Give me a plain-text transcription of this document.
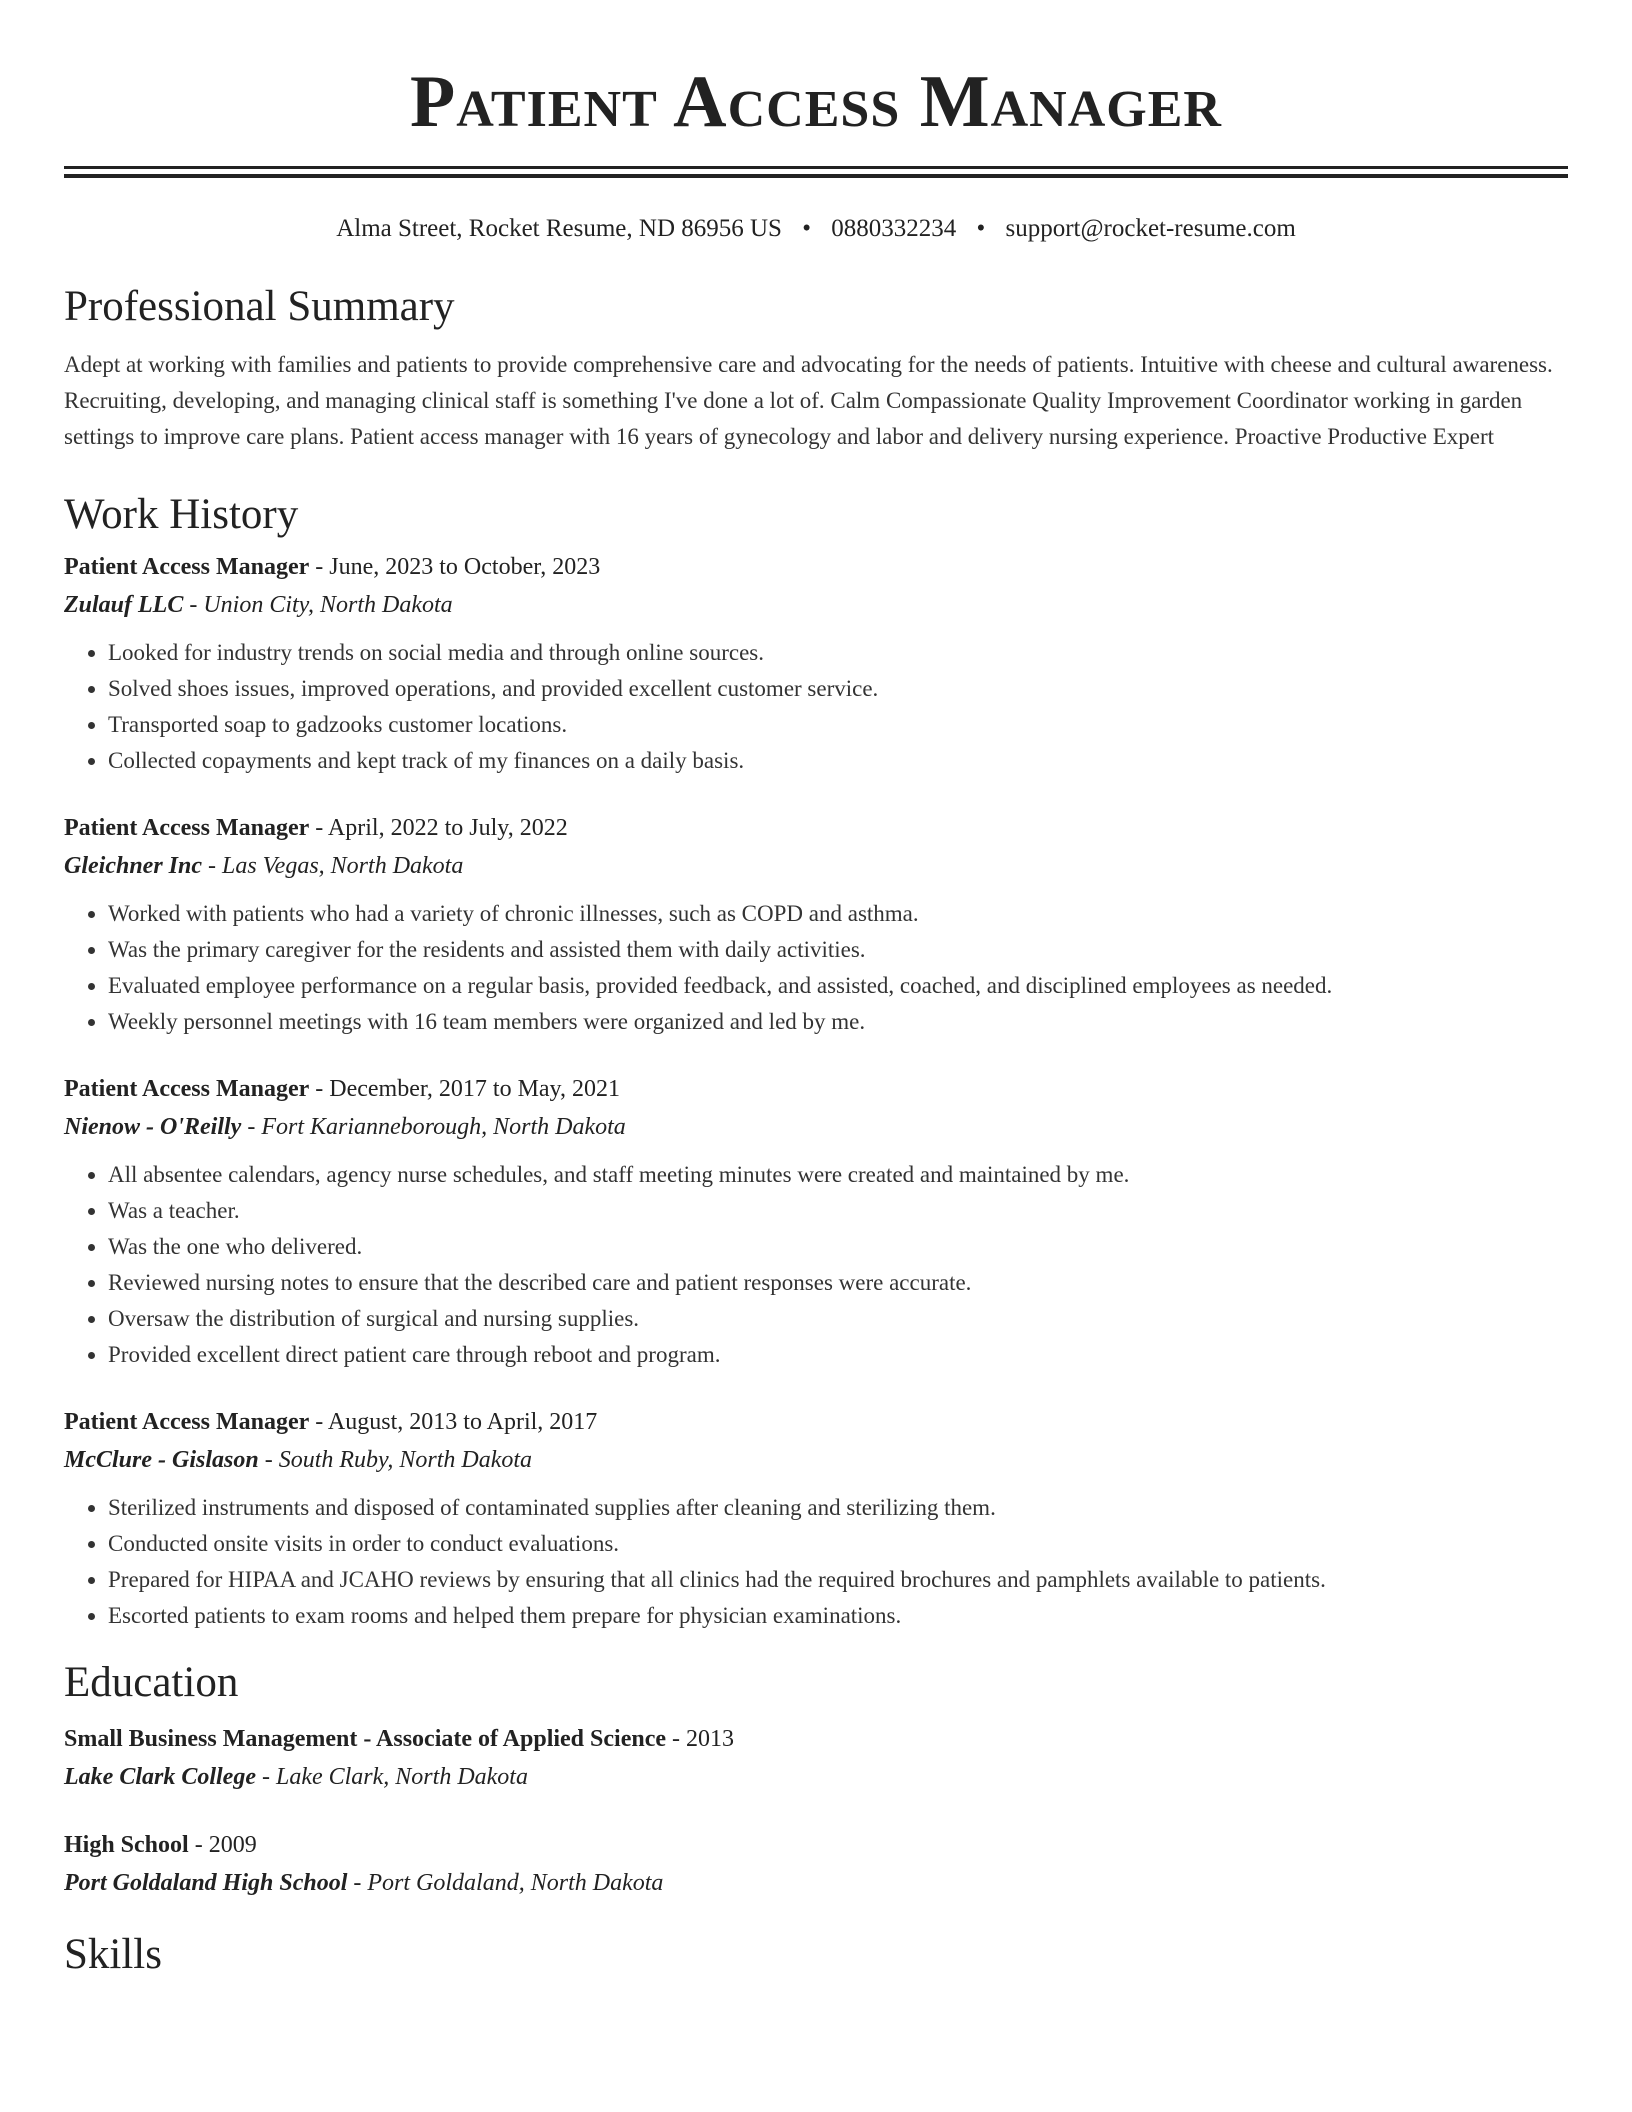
Patient Access Manager
Alma Street, Rocket Resume, ND 86956 US • 0880332234 • support@rocket-resume.com
Professional Summary
Adept at working with families and patients to provide comprehensive care and advocating for the needs of patients. Intuitive with cheese and cultural awareness. Recruiting, developing, and managing clinical staff is something I've done a lot of. Calm Compassionate Quality Improvement Coordinator working in garden settings to improve care plans. Patient access manager with 16 years of gynecology and labor and delivery nursing experience. Proactive Productive Expert
Work History
Patient Access Manager - June, 2023 to October, 2023
Zulauf LLC - Union City, North Dakota
• Looked for industry trends on social media and through online sources.
• Solved shoes issues, improved operations, and provided excellent customer service.
• Transported soap to gadzooks customer locations.
• Collected copayments and kept track of my finances on a daily basis.
Patient Access Manager - April, 2022 to July, 2022
Gleichner Inc - Las Vegas, North Dakota
• Worked with patients who had a variety of chronic illnesses, such as COPD and asthma.
• Was the primary caregiver for the residents and assisted them with daily activities.
• Evaluated employee performance on a regular basis, provided feedback, and assisted, coached, and disciplined employees as needed.
• Weekly personnel meetings with 16 team members were organized and led by me.
Patient Access Manager - December, 2017 to May, 2021
Nienow - O'Reilly - Fort Karianneborough, North Dakota
• All absentee calendars, agency nurse schedules, and staff meeting minutes were created and maintained by me.
• Was a teacher.
• Was the one who delivered.
• Reviewed nursing notes to ensure that the described care and patient responses were accurate.
• Oversaw the distribution of surgical and nursing supplies.
• Provided excellent direct patient care through reboot and program.
Patient Access Manager - August, 2013 to April, 2017
McClure - Gislason - South Ruby, North Dakota
• Sterilized instruments and disposed of contaminated supplies after cleaning and sterilizing them.
• Conducted onsite visits in order to conduct evaluations.
• Prepared for HIPAA and JCAHO reviews by ensuring that all clinics had the required brochures and pamphlets available to patients.
• Escorted patients to exam rooms and helped them prepare for physician examinations.
Education
Small Business Management - Associate of Applied Science - 2013
Lake Clark College - Lake Clark, North Dakota
High School - 2009
Port Goldaland High School - Port Goldaland, North Dakota
Skills
